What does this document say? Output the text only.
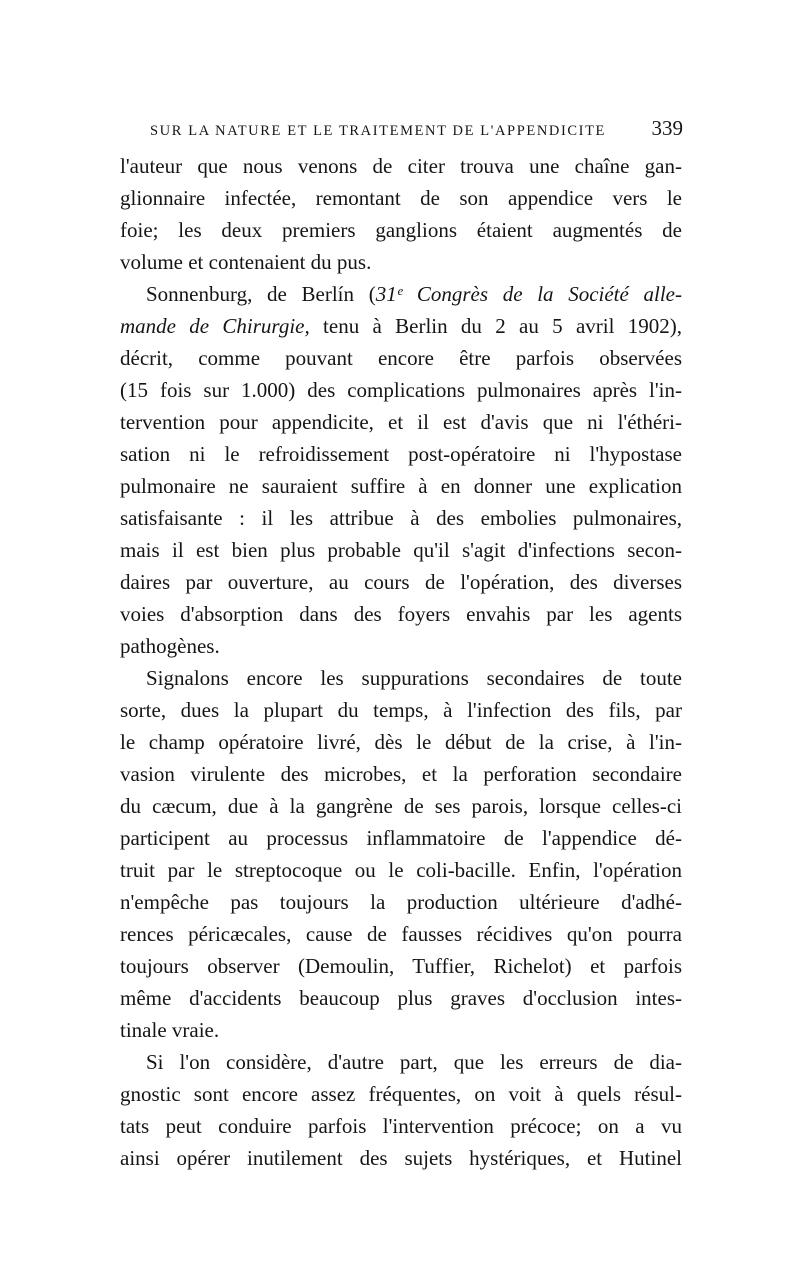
SUR LA NATURE ET LE TRAITEMENT DE L'APPENDICITE 339
l'auteur que nous venons de citer trouva une chaîne gan-
glionnaire infectée, remontant de son appendice vers le
foie; les deux premiers ganglions étaient augmentés de
volume et contenaient du pus.
Sonnenburg, de Berlín (31ᵉ Congrès de la Société alle-
mande de Chirurgie, tenu à Berlin du 2 au 5 avril 1902),
décrit, comme pouvant encore être parfois observées
(15 fois sur 1.000) des complications pulmonaires après l'in-
tervention pour appendicite, et il est d'avis que ni l'éthéri-
sation ni le refroidissement post-opératoire ni l'hypostase
pulmonaire ne sauraient suffire à en donner une explication
satisfaisante : il les attribue à des embolies pulmonaires,
mais il est bien plus probable qu'il s'agit d'infections secon-
daires par ouverture, au cours de l'opération, des diverses
voies d'absorption dans des foyers envahis par les agents
pathogènes.
Signalons encore les suppurations secondaires de toute
sorte, dues la plupart du temps, à l'infection des fils, par
le champ opératoire livré, dès le début de la crise, à l'in-
vasion virulente des microbes, et la perforation secondaire
du cæcum, due à la gangrène de ses parois, lorsque celles-ci
participent au processus inflammatoire de l'appendice dé-
truit par le streptocoque ou le coli-bacille. Enfin, l'opération
n'empêche pas toujours la production ultérieure d'adhé-
rences péricæcales, cause de fausses récidives qu'on pourra
toujours observer (Demoulin, Tuffier, Richelot) et parfois
même d'accidents beaucoup plus graves d'occlusion intes-
tinale vraie.
Si l'on considère, d'autre part, que les erreurs de dia-
gnostic sont encore assez fréquentes, on voit à quels résul-
tats peut conduire parfois l'intervention précoce; on a vu
ainsi opérer inutilement des sujets hystériques, et Hutinel
